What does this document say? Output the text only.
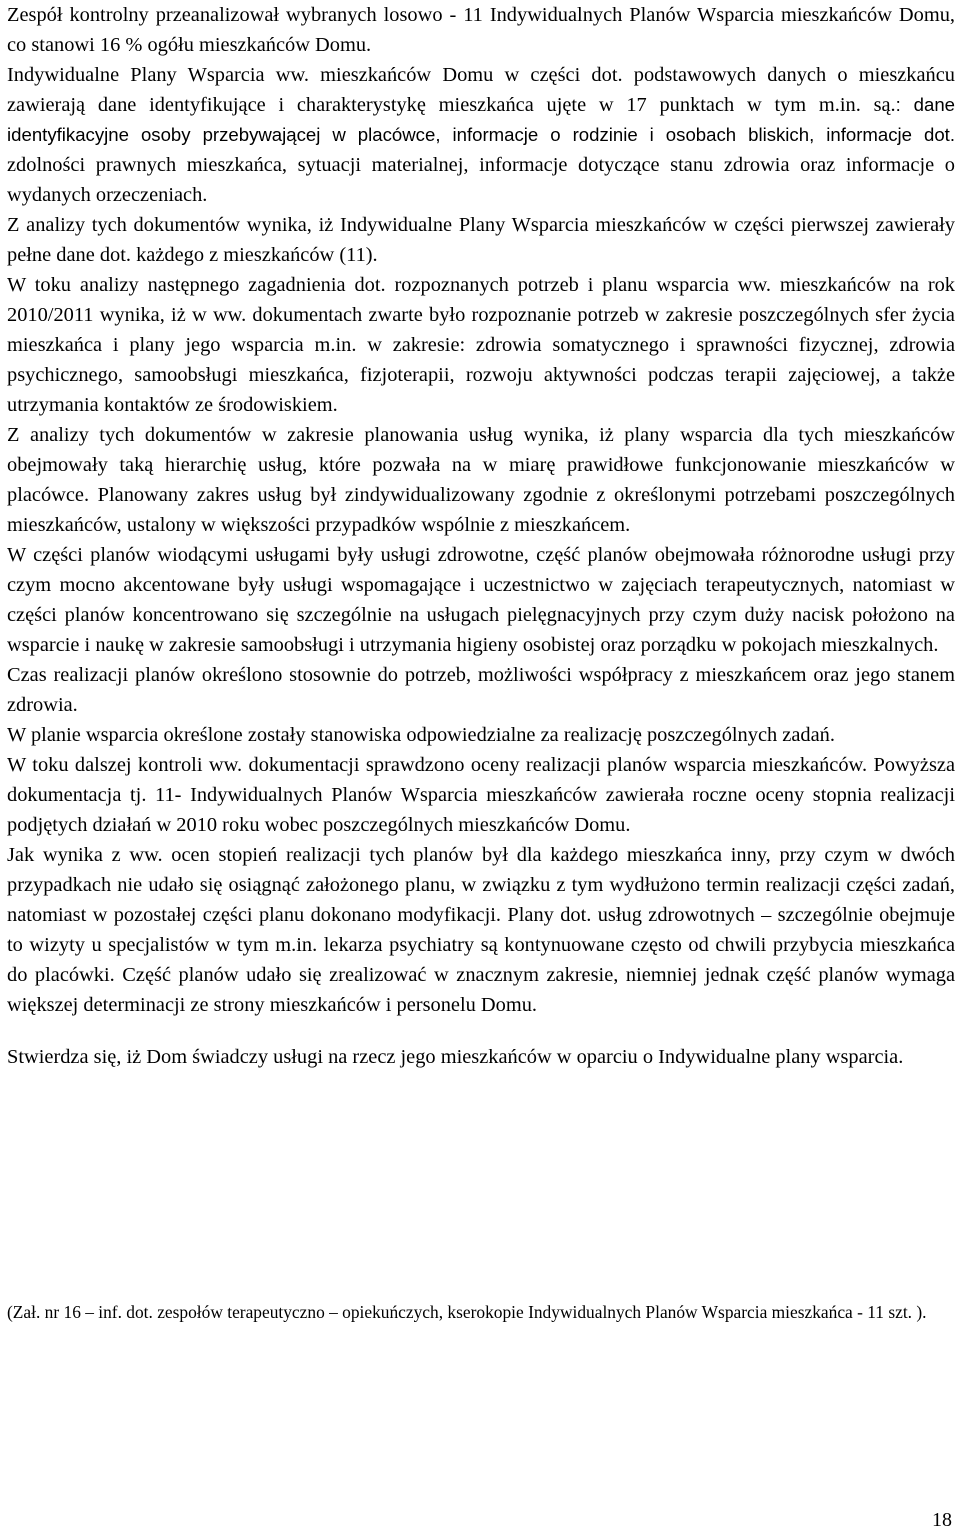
Zespół kontrolny przeanalizował wybranych losowo - 11 Indywidualnych Planów Wsparcia mieszkańców Domu, co stanowi 16 % ogółu mieszkańców Domu.

Indywidualne Plany Wsparcia ww. mieszkańców Domu w części dot. podstawowych danych o mieszkańcu zawierają dane identyfikujące i charakterystykę mieszkańca ujęte w 17 punktach w tym m.in. są.: dane identyfikacyjne osoby przebywającej w placówce, informacje o rodzinie i osobach bliskich, informacje dot. zdolności prawnych mieszkańca, sytuacji materialnej, informacje dotyczące stanu zdrowia oraz informacje o wydanych orzeczeniach.

Z analizy tych dokumentów wynika, iż Indywidualne Plany Wsparcia mieszkańców w części pierwszej zawierały pełne dane dot. każdego z mieszkańców (11).

W toku analizy następnego zagadnienia dot. rozpoznanych potrzeb i planu wsparcia ww. mieszkańców na rok 2010/2011 wynika, iż w ww. dokumentach zwarte było rozpoznanie potrzeb w zakresie poszczególnych sfer życia mieszkańca i plany jego wsparcia m.in. w zakresie: zdrowia somatycznego i sprawności fizycznej, zdrowia psychicznego, samoobsługi mieszkańca, fizjoterapii, rozwoju aktywności podczas terapii zajęciowej, a także utrzymania kontaktów ze środowiskiem.

Z analizy tych dokumentów w zakresie planowania usług wynika, iż plany wsparcia dla tych mieszkańców obejmowały taką hierarchię usług, które pozwała na w miarę prawidłowe funkcjonowanie mieszkańców w placówce. Planowany zakres usług był zindywidualizowany zgodnie z określonymi potrzebami poszczególnych mieszkańców, ustalony w większości przypadków wspólnie z mieszkańcem.

W części planów wiodącymi usługami były usługi zdrowotne, część planów obejmowała różnorodne usługi przy czym mocno akcentowane były usługi wspomagające i uczestnictwo w zajęciach terapeutycznych, natomiast w części planów koncentrowano się szczególnie na usługach pielęgnacyjnych przy czym duży nacisk położono na wsparcie i naukę w zakresie samoobsługi i utrzymania higieny osobistej oraz porządku w pokojach mieszkalnych.

Czas realizacji planów określono stosownie do potrzeb, możliwości współpracy z mieszkańcem oraz jego stanem zdrowia.

W planie wsparcia określone zostały stanowiska odpowiedzialne za realizację poszczególnych zadań.

W toku dalszej kontroli ww. dokumentacji sprawdzono oceny realizacji planów wsparcia mieszkańców. Powyższa dokumentacja tj. 11- Indywidualnych Planów Wsparcia mieszkańców zawierała roczne oceny stopnia realizacji podjętych działań w 2010 roku wobec poszczególnych mieszkańców Domu.

Jak wynika z ww. ocen stopień realizacji tych planów był dla każdego mieszkańca inny, przy czym w dwóch przypadkach nie udało się osiągnąć założonego planu, w związku z tym wydłużono termin realizacji części zadań, natomiast w pozostałej części planu dokonano modyfikacji. Plany dot. usług zdrowotnych – szczególnie obejmuje to wizyty u specjalistów w tym m.in. lekarza psychiatry są kontynuowane często od chwili przybycia mieszkańca do placówki. Część planów udało się zrealizować w znacznym zakresie, niemniej jednak część planów wymaga większej determinacji ze strony mieszkańców i personelu Domu.

Stwierdza się, iż Dom świadczy usługi na rzecz jego mieszkańców w oparciu o Indywidualne plany wsparcia.

(Zał. nr 16 – inf. dot. zespołów terapeutyczno – opiekuńczych, kserokopie Indywidualnych Planów Wsparcia mieszkańca - 11 szt. ).

18
